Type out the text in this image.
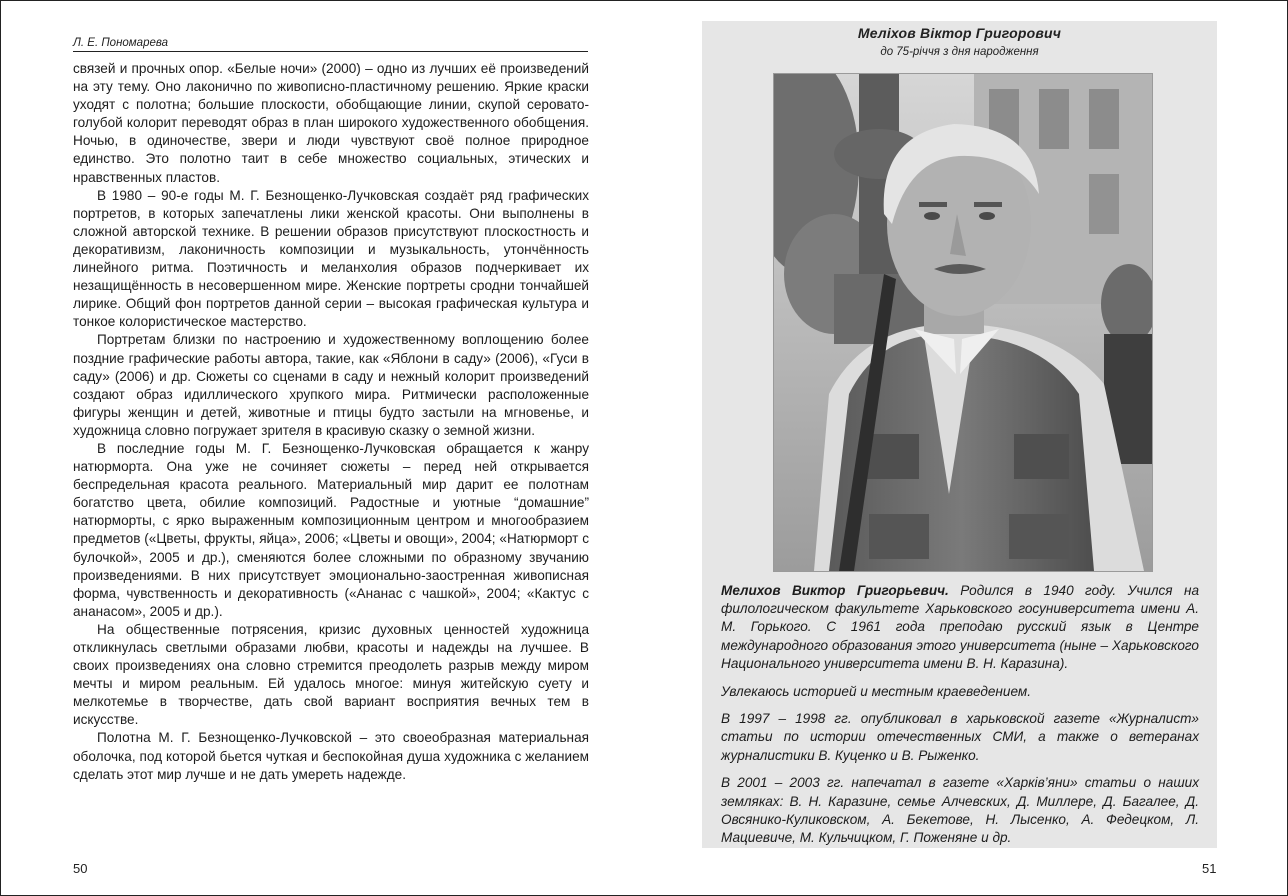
Л. Е. Пономарева

связей и прочных опор. «Белые ночи» (2000) – одно из лучших её произведений на эту тему. Оно лаконично по живописно-пластичному решению. Яркие краски уходят с полотна; большие плоскости, обобщающие линии, скупой серовато-голубой колорит переводят образ в план широкого художественного обобщения. Ночью, в одиночестве, звери и люди чувствуют своё полное природное единство. Это полотно таит в себе множество социальных, этических и нравственных пластов.

В 1980 – 90-е годы М. Г. Безнощенко-Лучковская создаёт ряд графических портретов, в которых запечатлены лики женской красоты. Они выполнены в сложной авторской технике. В решении образов присутствуют плоскостность и декоративизм, лаконичность композиции и музыкальность, утончённость линейного ритма. Поэтичность и меланхолия образов подчеркивает их незащищённость в несовершенном мире. Женские портреты сродни тончайшей лирике. Общий фон портретов данной серии – высокая графическая культура и тонкое колористическое мастерство.

Портретам близки по настроению и художественному воплощению более поздние графические работы автора, такие, как «Яблони в саду» (2006), «Гуси в саду» (2006) и др. Сюжеты со сценами в саду и нежный колорит произведений создают образ идиллического хрупкого мира. Ритмически расположенные фигуры женщин и детей, животные и птицы будто застыли на мгновенье, и художница словно погружает зрителя в красивую сказку о земной жизни.

В последние годы М. Г. Безнощенко-Лучковская обращается к жанру натюрморта. Она уже не сочиняет сюжеты – перед ней открывается беспредельная красота реального. Материальный мир дарит ее полотнам богатство цвета, обилие композиций. Радостные и уютные “домашние” натюрморты, с ярко выраженным композиционным центром и многообразием предметов («Цветы, фрукты, яйца», 2006; «Цветы и овощи», 2004; «Натюрморт с булочкой», 2005 и др.), сменяются более сложными по образному звучанию произведениями. В них присутствует эмоционально-заостренная живописная форма, чувственность и декоративность («Ананас с чашкой», 2004; «Кактус с ананасом», 2005 и др.).

На общественные потрясения, кризис духовных ценностей художница откликнулась светлыми образами любви, красоты и надежды на лучшее. В своих произведениях она словно стремится преодолеть разрыв между миром мечты и миром реальным. Ей удалось многое: минуя житейскую суету и мелкотемье в творчестве, дать свой вариант восприятия вечных тем в искусстве.

Полотна М. Г. Безнощенко-Лучковской – это своеобразная материальная оболочка, под которой бьется чуткая и беспокойная душа художника с желанием сделать этот мир лучше и не дать умереть надежде.

50
Меліхов Віктор Григорович
до 75-річчя з дня народження

Мелихов Виктор Григорьевич. Родился в 1940 году. Учился на филологическом факультете Харьковского госуниверситета имени А. М. Горького. С 1961 года преподаю русский язык в Центре международного образования этого университета (ныне – Харьковского Национального университета имени В. Н. Каразина).

Увлекаюсь историей и местным краеведением.

В 1997 – 1998 гг. опубликовал в харьковской газете «Журналист» статьи по истории отечественных СМИ, а также о ветеранах журналистики В. Куценко и В. Рыженко.

В 2001 – 2003 гг. напечатал в газете «Харків’яни» статьи о наших земляках: В. Н. Каразине, семье Алчевских, Д. Миллере, Д. Багалее, Д. Овсянико-Куликовском, А. Бекетове, Н. Лысенко, А. Федецком, Л. Мациевиче, М. Кульчицком, Г. Поженяне и др.

51
